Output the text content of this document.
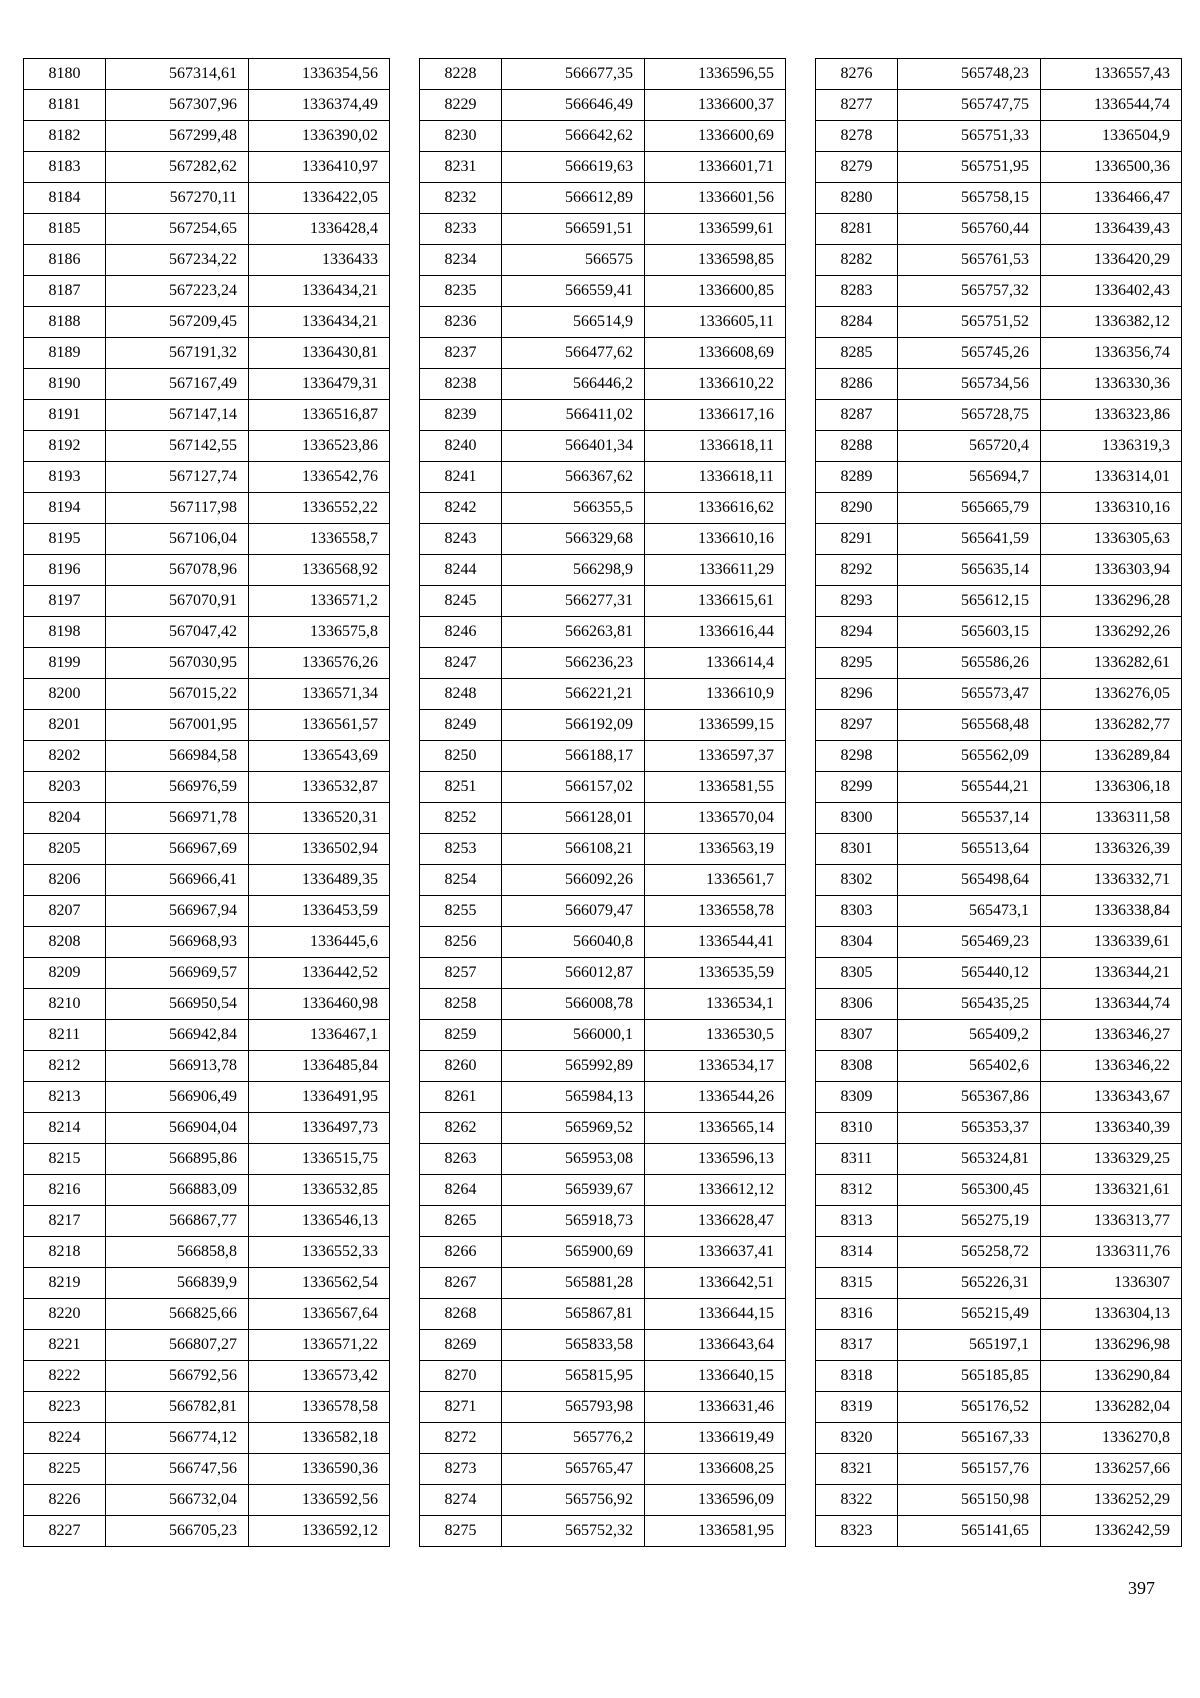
8180	567314,61	1336354,56
8181	567307,96	1336374,49
8182	567299,48	1336390,02
8183	567282,62	1336410,97
8184	567270,11	1336422,05
8185	567254,65	1336428,4
8186	567234,22	1336433
8187	567223,24	1336434,21
8188	567209,45	1336434,21
8189	567191,32	1336430,81
8190	567167,49	1336479,31
8191	567147,14	1336516,87
8192	567142,55	1336523,86
8193	567127,74	1336542,76
8194	567117,98	1336552,22
8195	567106,04	1336558,7
8196	567078,96	1336568,92
8197	567070,91	1336571,2
8198	567047,42	1336575,8
8199	567030,95	1336576,26
8200	567015,22	1336571,34
8201	567001,95	1336561,57
8202	566984,58	1336543,69
8203	566976,59	1336532,87
8204	566971,78	1336520,31
8205	566967,69	1336502,94
8206	566966,41	1336489,35
8207	566967,94	1336453,59
8208	566968,93	1336445,6
8209	566969,57	1336442,52
8210	566950,54	1336460,98
8211	566942,84	1336467,1
8212	566913,78	1336485,84
8213	566906,49	1336491,95
8214	566904,04	1336497,73
8215	566895,86	1336515,75
8216	566883,09	1336532,85
8217	566867,77	1336546,13
8218	566858,8	1336552,33
8219	566839,9	1336562,54
8220	566825,66	1336567,64
8221	566807,27	1336571,22
8222	566792,56	1336573,42
8223	566782,81	1336578,58
8224	566774,12	1336582,18
8225	566747,56	1336590,36
8226	566732,04	1336592,56
8227	566705,23	1336592,12
8228	566677,35	1336596,55
8229	566646,49	1336600,37
8230	566642,62	1336600,69
8231	566619,63	1336601,71
8232	566612,89	1336601,56
8233	566591,51	1336599,61
8234	566575	1336598,85
8235	566559,41	1336600,85
8236	566514,9	1336605,11
8237	566477,62	1336608,69
8238	566446,2	1336610,22
8239	566411,02	1336617,16
8240	566401,34	1336618,11
8241	566367,62	1336618,11
8242	566355,5	1336616,62
8243	566329,68	1336610,16
8244	566298,9	1336611,29
8245	566277,31	1336615,61
8246	566263,81	1336616,44
8247	566236,23	1336614,4
8248	566221,21	1336610,9
8249	566192,09	1336599,15
8250	566188,17	1336597,37
8251	566157,02	1336581,55
8252	566128,01	1336570,04
8253	566108,21	1336563,19
8254	566092,26	1336561,7
8255	566079,47	1336558,78
8256	566040,8	1336544,41
8257	566012,87	1336535,59
8258	566008,78	1336534,1
8259	566000,1	1336530,5
8260	565992,89	1336534,17
8261	565984,13	1336544,26
8262	565969,52	1336565,14
8263	565953,08	1336596,13
8264	565939,67	1336612,12
8265	565918,73	1336628,47
8266	565900,69	1336637,41
8267	565881,28	1336642,51
8268	565867,81	1336644,15
8269	565833,58	1336643,64
8270	565815,95	1336640,15
8271	565793,98	1336631,46
8272	565776,2	1336619,49
8273	565765,47	1336608,25
8274	565756,92	1336596,09
8275	565752,32	1336581,95
8276	565748,23	1336557,43
8277	565747,75	1336544,74
8278	565751,33	1336504,9
8279	565751,95	1336500,36
8280	565758,15	1336466,47
8281	565760,44	1336439,43
8282	565761,53	1336420,29
8283	565757,32	1336402,43
8284	565751,52	1336382,12
8285	565745,26	1336356,74
8286	565734,56	1336330,36
8287	565728,75	1336323,86
8288	565720,4	1336319,3
8289	565694,7	1336314,01
8290	565665,79	1336310,16
8291	565641,59	1336305,63
8292	565635,14	1336303,94
8293	565612,15	1336296,28
8294	565603,15	1336292,26
8295	565586,26	1336282,61
8296	565573,47	1336276,05
8297	565568,48	1336282,77
8298	565562,09	1336289,84
8299	565544,21	1336306,18
8300	565537,14	1336311,58
8301	565513,64	1336326,39
8302	565498,64	1336332,71
8303	565473,1	1336338,84
8304	565469,23	1336339,61
8305	565440,12	1336344,21
8306	565435,25	1336344,74
8307	565409,2	1336346,27
8308	565402,6	1336346,22
8309	565367,86	1336343,67
8310	565353,37	1336340,39
8311	565324,81	1336329,25
8312	565300,45	1336321,61
8313	565275,19	1336313,77
8314	565258,72	1336311,76
8315	565226,31	1336307
8316	565215,49	1336304,13
8317	565197,1	1336296,98
8318	565185,85	1336290,84
8319	565176,52	1336282,04
8320	565167,33	1336270,8
8321	565157,76	1336257,66
8322	565150,98	1336252,29
8323	565141,65	1336242,59
397
